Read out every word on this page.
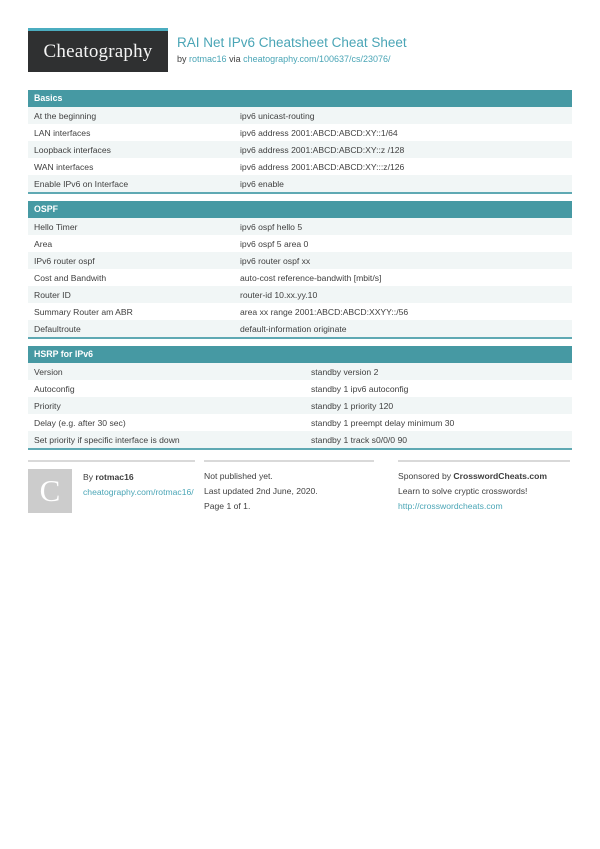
Cheatography RAI Net IPv6 Cheatsheet Cheat Sheet
by rotmac16 via cheatography.com/100637/cs/23076/
Basics
At the beginning	ipv6 unicast-routing
LAN interfaces	ipv6 address 2001:ABCD:ABCD:XY::1/64
Loopback interfaces	ipv6 address 2001:ABCD:ABCD:XY::z /128
WAN interfaces	ipv6 address 2001:ABCD:ABCD:XY:::z/126
Enable IPv6 on Interface	ipv6 enable
OSPF
Hello Timer	ipv6 ospf hello 5
Area	ipv6 ospf 5 area 0
IPv6 router ospf	ipv6 router ospf xx
Cost and Bandwith	auto-cost reference-bandwith [mbit/s]
Router ID	router-id 10.xx.yy.10
Summary Router am ABR	area xx range 2001:ABCD:ABCD:XXYY::/56
Defaultroute	default-information originate
HSRP for IPv6
Version	standby version 2
Autoconfig	standby 1 ipv6 autoconfig
Priority	standby 1 priority 120
Delay (e.g. after 30 sec)	standby 1 preempt delay minimum 30
Set priority if specific interface is down	standby 1 track s0/0/0 90
C	By rotmac16
cheatography.com/rotmac16/
Not published yet.
Last updated 2nd June, 2020.
Page 1 of 1.
Sponsored by CrosswordCheats.com
Learn to solve cryptic crosswords!
http://crosswordcheats.com
